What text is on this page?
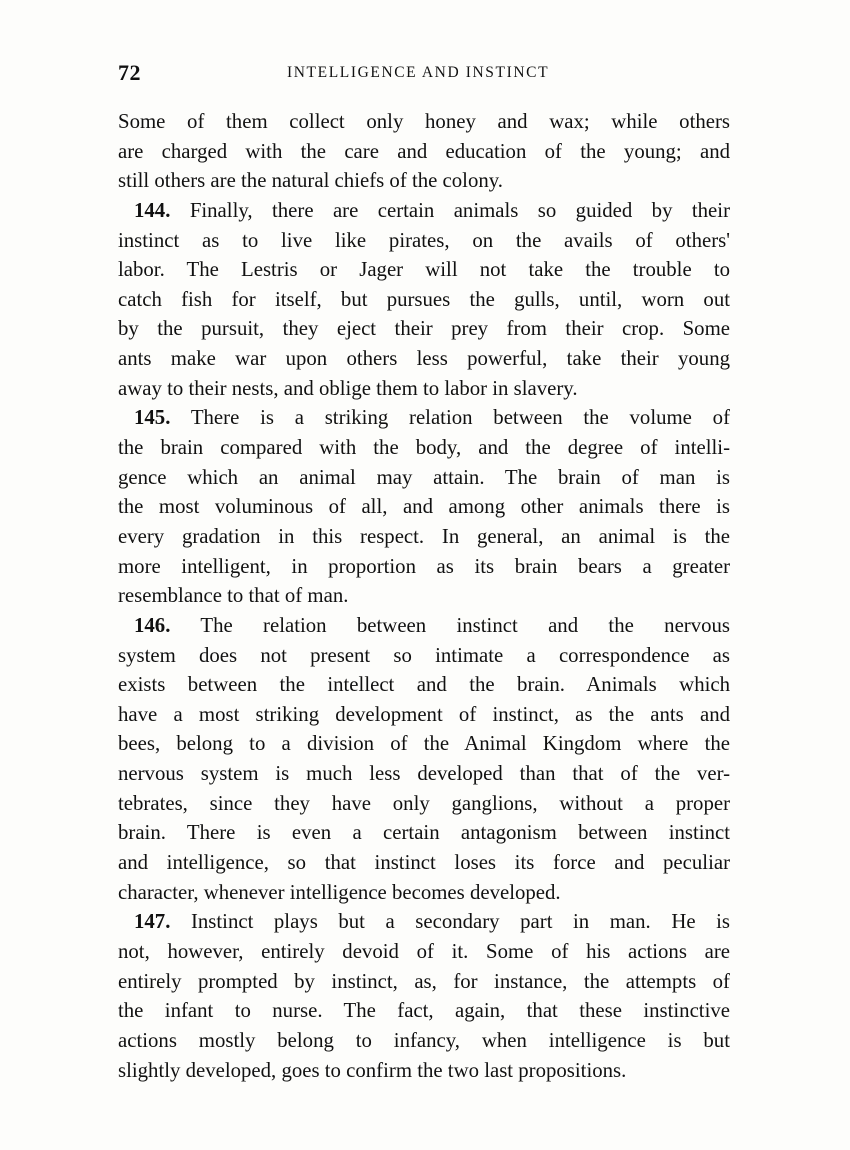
72	INTELLIGENCE AND INSTINCT
Some of them collect only honey and wax; while others
are charged with the care and education of the young; and
still others are the natural chiefs of the colony.
144. Finally, there are certain animals so guided by their
instinct as to live like pirates, on the avails of others'
labor. The Lestris or Jager will not take the trouble to
catch fish for itself, but pursues the gulls, until, worn out
by the pursuit, they eject their prey from their crop. Some
ants make war upon others less powerful, take their young
away to their nests, and oblige them to labor in slavery.
145. There is a striking relation between the volume of
the brain compared with the body, and the degree of intelli-
gence which an animal may attain. The brain of man is
the most voluminous of all, and among other animals there is
every gradation in this respect. In general, an animal is the
more intelligent, in proportion as its brain bears a greater
resemblance to that of man.
146. The relation between instinct and the nervous
system does not present so intimate a correspondence as
exists between the intellect and the brain. Animals which
have a most striking development of instinct, as the ants and
bees, belong to a division of the Animal Kingdom where the
nervous system is much less developed than that of the ver-
tebrates, since they have only ganglions, without a proper
brain. There is even a certain antagonism between instinct
and intelligence, so that instinct loses its force and peculiar
character, whenever intelligence becomes developed.
147. Instinct plays but a secondary part in man. He is
not, however, entirely devoid of it. Some of his actions are
entirely prompted by instinct, as, for instance, the attempts of
the infant to nurse. The fact, again, that these instinctive
actions mostly belong to infancy, when intelligence is but
slightly developed, goes to confirm the two last propositions.
